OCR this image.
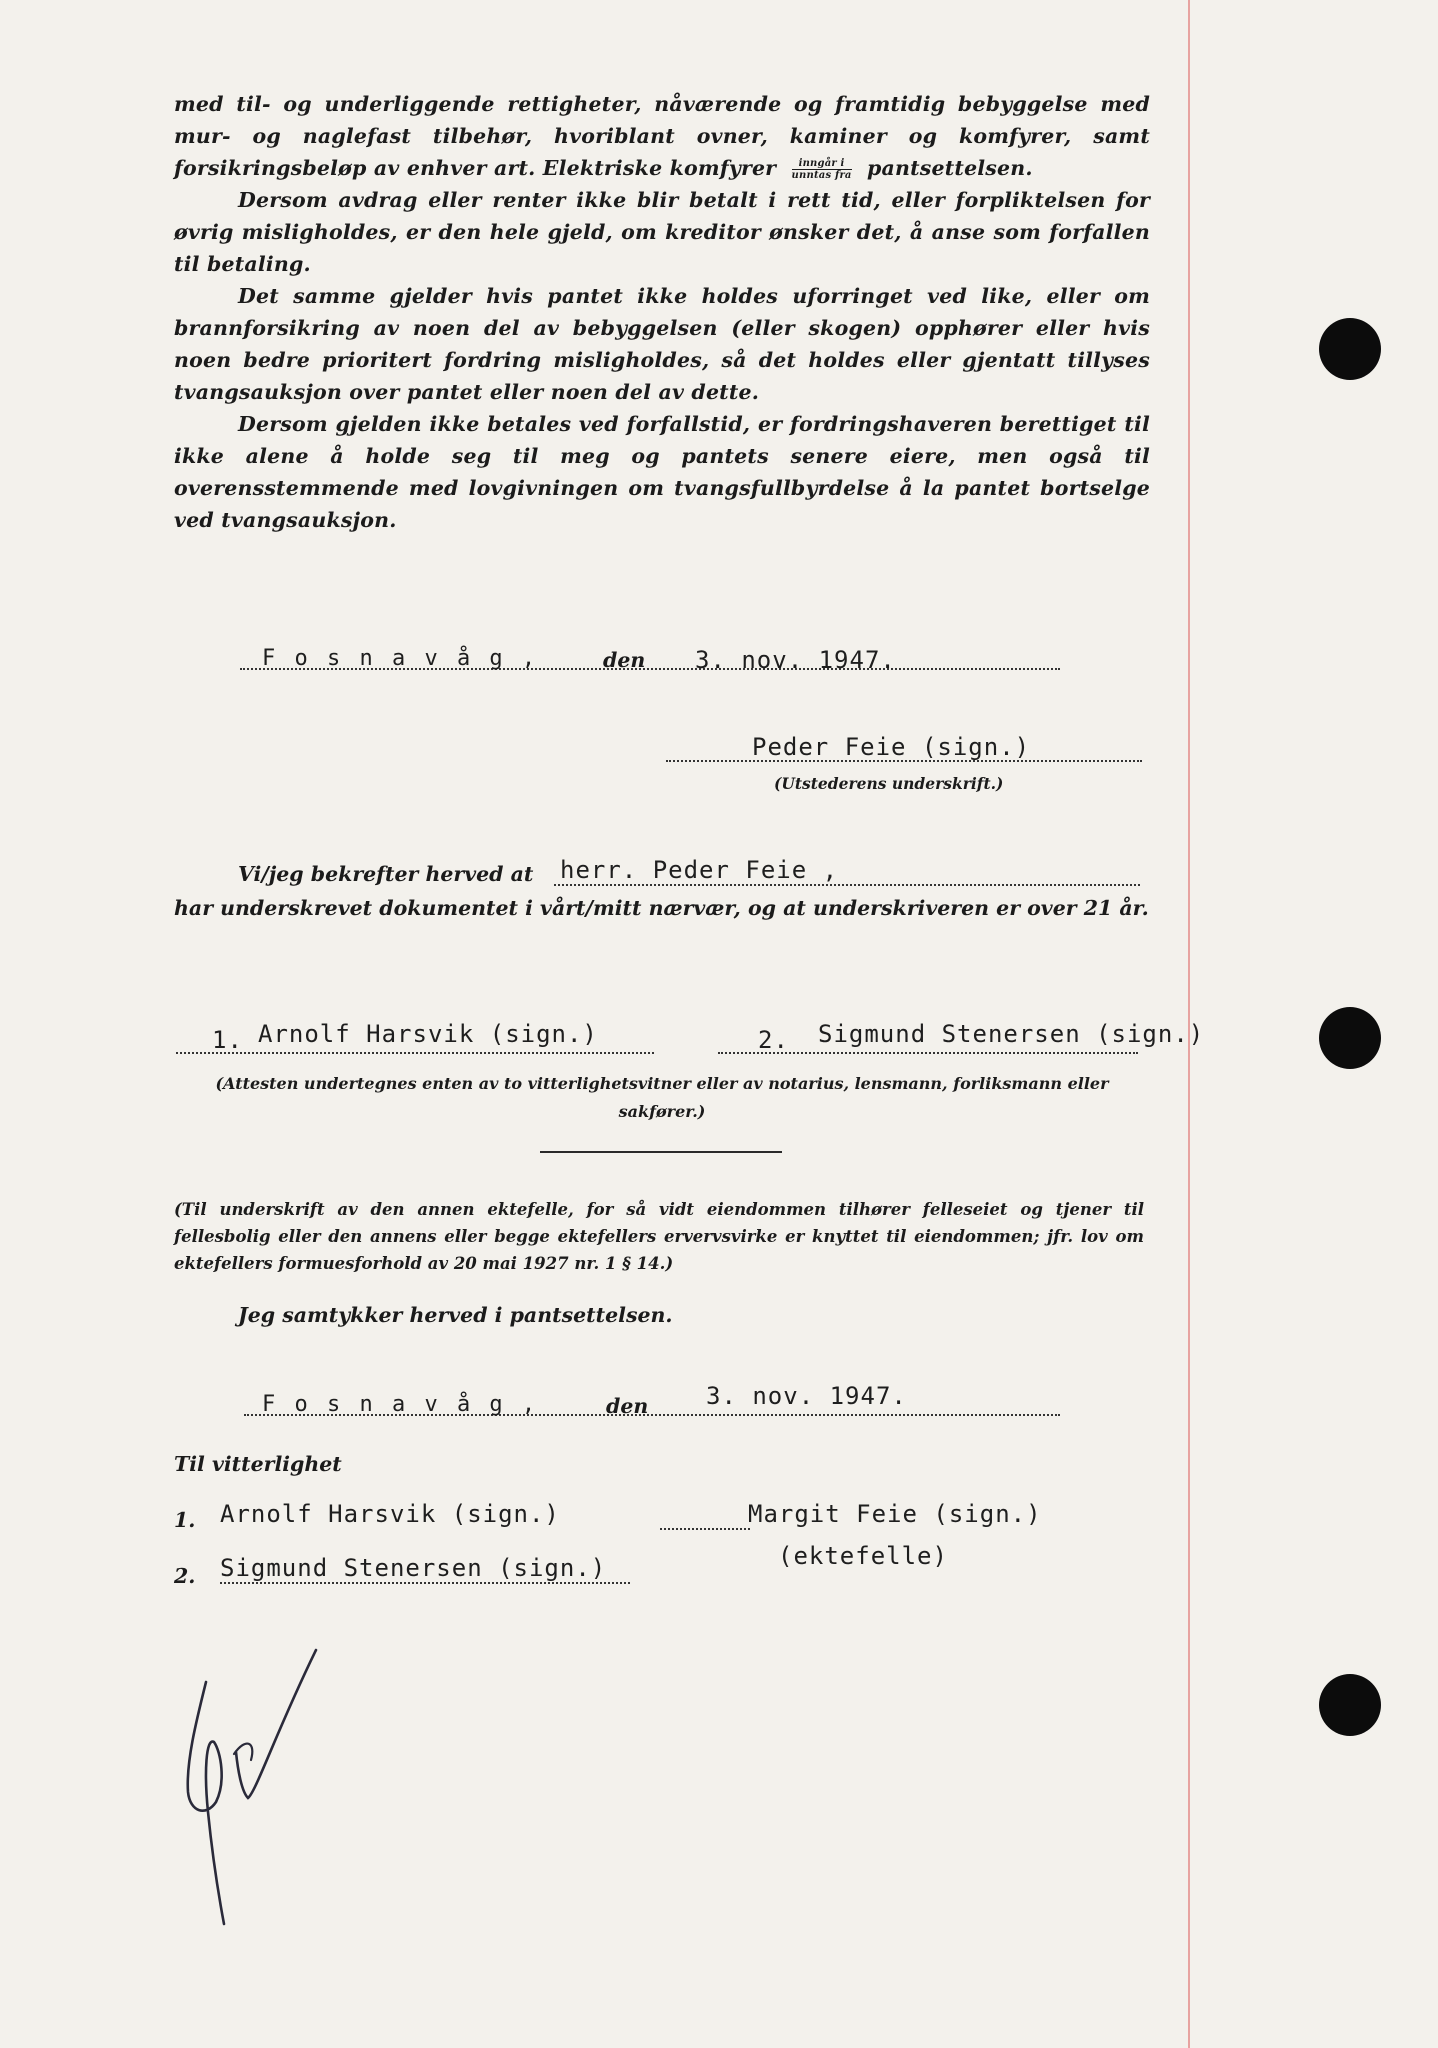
med til- og underliggende rettigheter, nåværende og framtidig bebyggelse med mur- og naglefast tilbehør, hvoriblant ovner, kaminer og komfyrer, samt forsikringsbeløp av enhver art. Elektriske komfyrer $\frac{\text{inngår i}}{\text{unntas fra}}$ pantsettelsen.

Dersom avdrag eller renter ikke blir betalt i rett tid, eller forpliktelsen for øvrig misligholdes, er den hele gjeld, om kreditor ønsker det, å anse som forfallen til betaling.

Det samme gjelder hvis pantet ikke holdes uforringet ved like, eller om brannforsikring av noen del av bebyggelsen (eller skogen) opphører eller hvis noen bedre prioritert fordring misligholdes, så det holdes eller gjentatt tillyses tvangsauksjon over pantet eller noen del av dette.

Dersom gjelden ikke betales ved forfallstid, er fordringshaveren berettiget til ikke alene å holde seg til meg og pantets senere eiere, men også til overensstemmende med lovgivningen om tvangsfullbyrdelse å la pantet bortselge ved tvangsauksjon.

F o s n a v å g ,	den 3. nov. 1947.
Peder Feie (sign.)
(Utstederens underskrift.)
Vi/jeg bekrefter herved at herr. Peder Feie ,
har underskrevet dokumentet i vårt/mitt nærvær, og at underskriveren er over 21 år.
1. Arnolf Harsvik (sign.)	2. Sigmund Stenersen (sign.)
(Attesten undertegnes enten av to vitterlighetsvitner eller av notarius, lensmann, forliksmann eller sakfører.)
(Til underskrift av den annen ektefelle, for så vidt eiendommen tilhører felleseiet og tjener til fellesbolig eller den annens eller begge ektefellers ervervsvirke er knyttet til eiendommen; jfr. lov om ektefellers formuesforhold av 20 mai 1927 nr. 1 § 14.)
Jeg samtykker herved i pantsettelsen.
F o s n a v å g ,	den 3. nov. 1947.
Til vitterlighet
1. Arnolf Harsvik (sign.)	Margit Feie (sign.)
2. Sigmund Stenersen (sign.)	(ektefelle)
